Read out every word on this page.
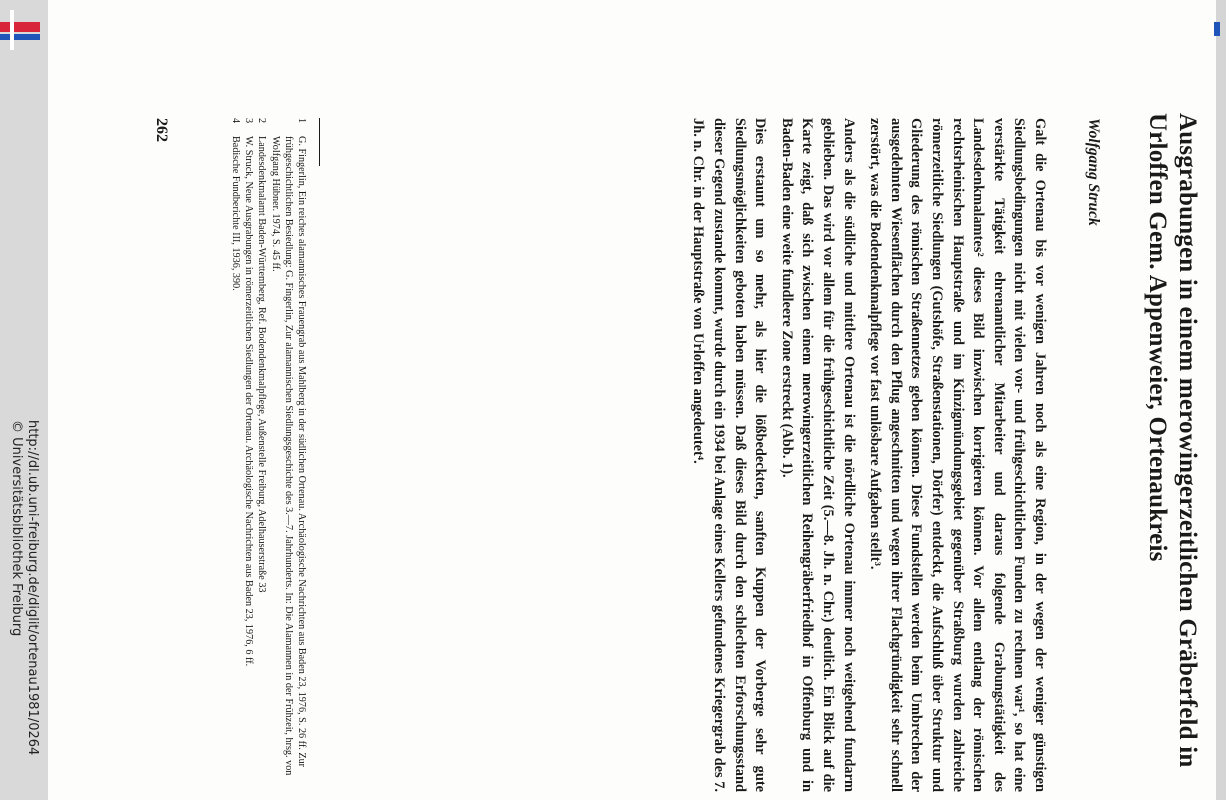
Ausgrabungen in einem merowingerzeitlichen Gräberfeld in Urloffen Gem. Appenweier, Ortenaukreis
Wolfgang Struck

Galt die Ortenau bis vor wenigen Jahren noch als eine Region, in der wegen der weniger günstigen Siedlungsbedingungen nicht mit vielen vor- und frühgeschichtlichen Funden zu rechnen war¹, so hat eine verstärkte Tätigkeit ehrenamtlicher Mitarbeiter und daraus folgende Grabungstätigkeit des Landesdenkmalamtes² dieses Bild inzwischen korrigieren können. Vor allem entlang der römischen rechtsrheinischen Hauptstraße und im Kinzigmündungsgebiet gegenüber Straßburg wurden zahlreiche römerzeitliche Siedlungen (Gutshöfe, Straßenstationen, Dörfer) entdeckt, die Aufschluß über Struktur und Gliederung des römischen Straßennetzes geben können. Diese Fundstellen werden beim Umbrechen der ausgedehnten Wiesenflächen durch den Pflug angeschnitten und wegen ihrer Flachgründigkeit sehr schnell zerstört, was die Bodendenkmalpflege vor fast unlösbare Aufgaben stellt³.

Anders als die südliche und mittlere Ortenau ist die nördliche Ortenau immer noch weitgehend fundarm geblieben. Das wird vor allem für die frühgeschichtliche Zeit (5.—8. Jh. n. Chr.) deutlich. Ein Blick auf die Karte zeigt, daß sich zwischen einem merowingerzeitlichen Reihengräberfriedhof in Offenburg und in Baden-Baden eine weite fundleere Zone erstreckt (Abb. 1).

Dies erstaunt um so mehr, als hier die lößbedeckten, sanften Kuppen der Vorberge sehr gute Siedlungsmöglichkeiten geboten haben müssen. Daß dieses Bild durch den schlechten Erforschungsstand dieser Gegend zustande kommt, wurde durch ein 1934 bei Anlage eines Kellers gefundenes Kriegergrab des 7. Jh. n. Chr. in der Hauptstraße von Urloffen angedeutet⁴.

1
G. Fingerlin, Ein reiches alamannisches Frauengrab aus Mahlberg in der südlichen Ortenau. Archäologische Nachrichten aus Baden 23, 1976, S. 26 ff. Zur frühgeschichtlichen Besiedlung: G. Fingerlin, Zur alamannischen Siedlungsgeschichte des 3.—7. Jahrhunderts. In: Die Alamannen in der Frühzeit, hrsg. von Wolfgang Hübner. 1974, S. 45 ff.
2
Landesdenkmalamt Baden-Württemberg, Ref. Bodendenkmalpflege, Außenstelle Freiburg, Adelhauserstraße 33
3
W. Struck, Neue Ausgrabungen in römerzeitlichen Siedlungen der Ortenau. Archäologische Nachrichten aus Baden 23, 1976, 6 ff.
4
Badische Fundberichte III, 1936, 390.
262
http://dl.ub.uni-freiburg.de/diglit/ortenau1981/0264
© Universitätsbibliothek Freiburg
